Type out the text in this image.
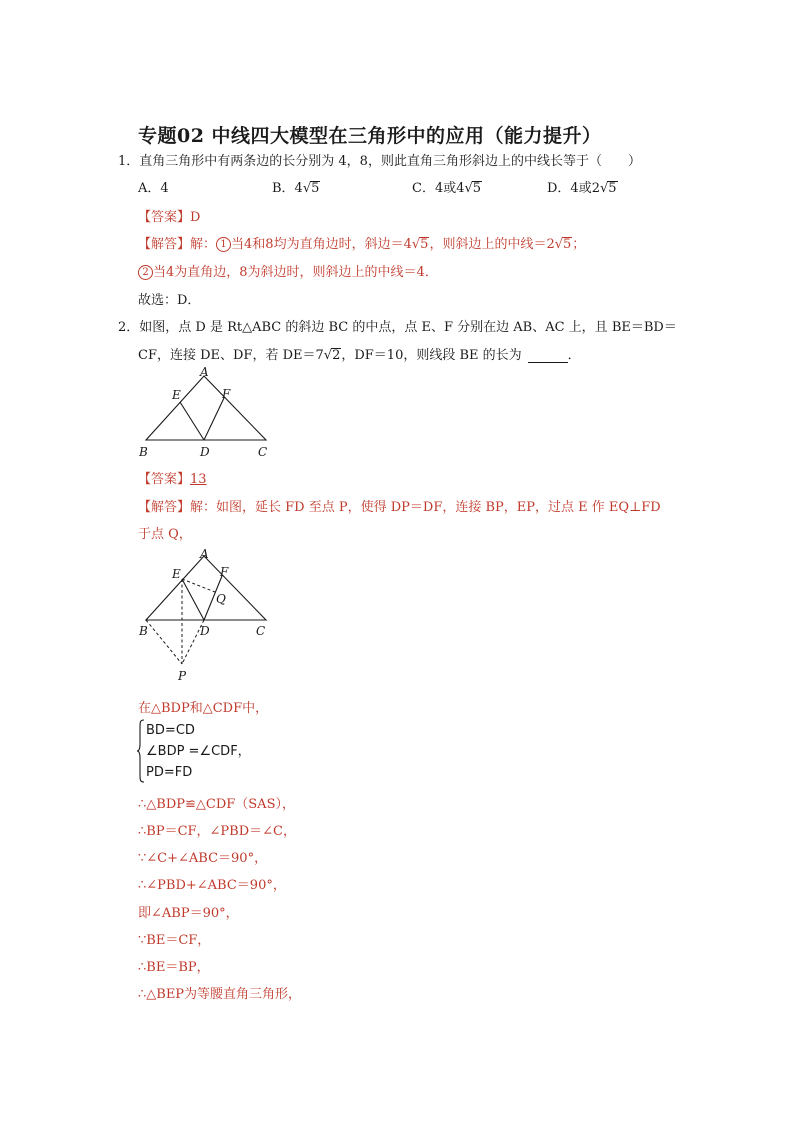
专题02 中线四大模型在三角形中的应用（能力提升）
1．直角三角形中有两条边的长分别为 4，8，则此直角三角形斜边上的中线长等于（　　）
A．4	B．4√5	C．4或4√5	D．4或2√5
【答案】D
【解答】解： 1 当4和8均为直角边时，斜边＝4√5，则斜边上的中线＝2√5；
2 当4为直角边，8为斜边时，则斜边上的中线＝4．
故选：D．
2．如图，点 D 是 Rt△ABC 的斜边 BC 的中点，点 E、F 分别在边 AB、AC 上，且 BE＝BD＝
CF，连接 DE、DF，若 DE＝7√2，DF＝10，则线段 BE 的长为	．
A
E	F
B	D	C
【答案】13
【解答】解：如图，延长 FD 至点 P，使得 DP＝DF，连接 BP，EP，过点 E 作 EQ⊥FD
于点 Q，
A
E	F
Q
B	D	C
P
在△BDP和△CDF中，
BD=CD
∠BDP =∠CDF，
PD=FD
∴△BDP≌△CDF（SAS），
∴BP＝CF，∠PBD＝∠C，
∵∠C+∠ABC＝90°，
∴∠PBD+∠ABC＝90°，
即∠ABP＝90°，
∵BE＝CF，
∴BE＝BP，
∴△BEP为等腰直角三角形，
